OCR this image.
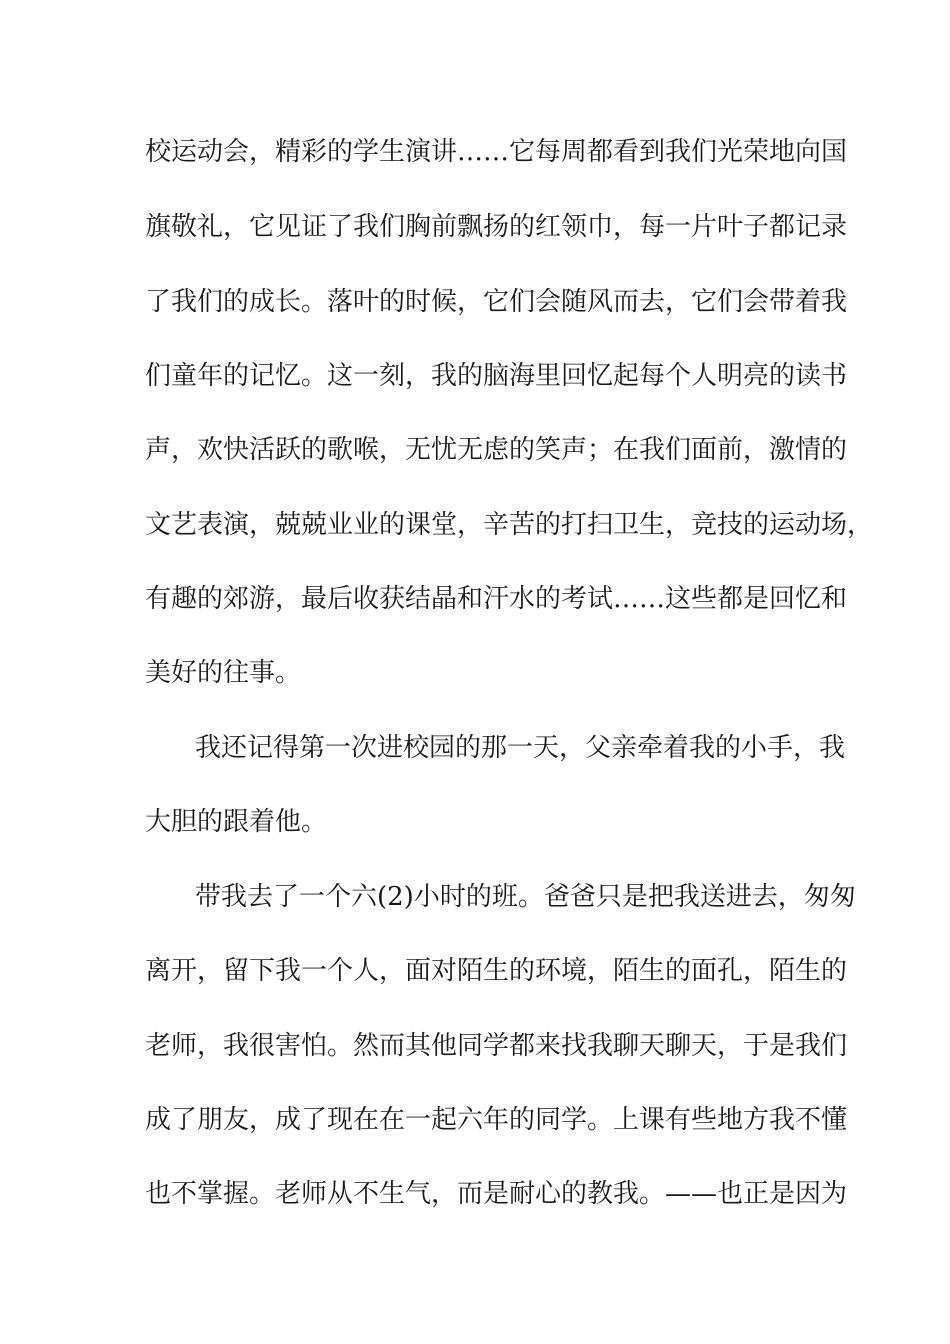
校运动会，精彩的学生演讲……它每周都看到我们光荣地向国
旗敬礼，它见证了我们胸前飘扬的红领巾，每一片叶子都记录
了我们的成长。落叶的时候，它们会随风而去，它们会带着我
们童年的记忆。这一刻，我的脑海里回忆起每个人明亮的读书
声，欢快活跃的歌喉，无忧无虑的笑声；在我们面前，激情的
文艺表演，兢兢业业的课堂，辛苦的打扫卫生，竞技的运动场，
有趣的郊游，最后收获结晶和汗水的考试……这些都是回忆和
美好的往事。
我还记得第一次进校园的那一天，父亲牵着我的小手，我
大胆的跟着他。
带我去了一个六(2)小时的班。爸爸只是把我送进去，匆匆
离开，留下我一个人，面对陌生的环境，陌生的面孔，陌生的
老师，我很害怕。然而其他同学都来找我聊天聊天，于是我们
成了朋友，成了现在在一起六年的同学。上课有些地方我不懂
也不掌握。老师从不生气，而是耐心的教我。——也正是因为
